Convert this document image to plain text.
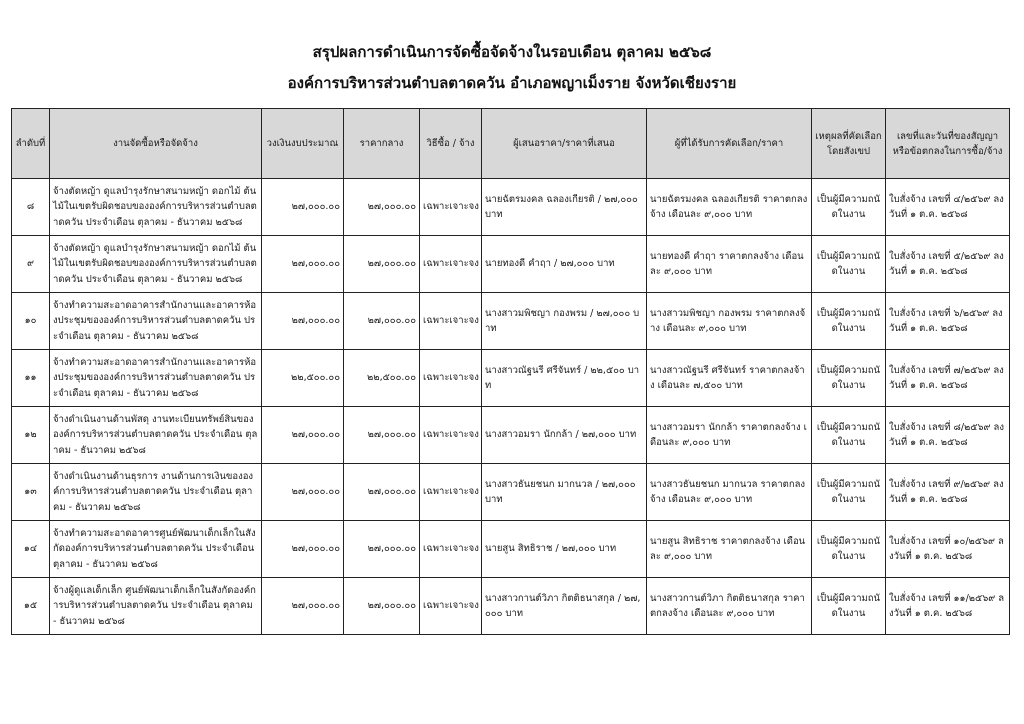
สรุปผลการดำเนินการจัดซื้อจัดจ้างในรอบเดือน ตุลาคม ๒๕๖๘
องค์การบริหารส่วนตำบลตาดควัน อำเภอพญาเม็งราย จังหวัดเชียงราย
ลำดับที่	งานจัดซื้อหรือจัดจ้าง	วงเงินงบประมาณ	ราคากลาง	วิธีซื้อ / จ้าง	ผู้เสนอราคา/ราคาที่เสนอ	ผู้ที่ได้รับการคัดเลือก/ราคา	เหตุผลที่คัดเลือกโดยสังเขป	เลขที่และวันที่ของสัญญาหรือข้อตกลงในการซื้อ/จ้าง
๘	จ้างตัดหญ้า ดูแลบำรุงรักษาสนามหญ้า ดอกไม้ ต้นไม้ในเขตรับผิดชอบขององค์การบริหารส่วนตำบลตาดควัน ประจำเดือน ตุลาคม - ธันวาคม ๒๕๖๘	๒๗,๐๐๐.๐๐	๒๗,๐๐๐.๐๐	เฉพาะเจาะจง	นายฉัตรมงคล ฉลองเกียรติ / ๒๗,๐๐๐ บาท	นายฉัตรมงคล ฉลองเกียรติ ราคาตกลงจ้าง เดือนละ ๙,๐๐๐ บาท	เป็นผู้มีความถนัดในงาน	ใบสั่งจ้าง เลขที่ ๔/๒๕๖๙ ลงวันที่ ๑ ต.ค. ๒๕๖๘
๙	จ้างตัดหญ้า ดูแลบำรุงรักษาสนามหญ้า ดอกไม้ ต้นไม้ในเขตรับผิดชอบขององค์การบริหารส่วนตำบลตาดควัน ประจำเดือน ตุลาคม - ธันวาคม ๒๕๖๘	๒๗,๐๐๐.๐๐	๒๗,๐๐๐.๐๐	เฉพาะเจาะจง	นายทองดี คำฤา / ๒๗,๐๐๐ บาท	นายทองดี คำฤา ราคาตกลงจ้าง เดือนละ ๙,๐๐๐ บาท	เป็นผู้มีความถนัดในงาน	ใบสั่งจ้าง เลขที่ ๕/๒๕๖๙ ลงวันที่ ๑ ต.ค. ๒๕๖๘
๑๐	จ้างทำความสะอาดอาคารสำนักงานและอาคารห้องประชุมขององค์การบริหารส่วนตำบลตาดควัน ประจำเดือน ตุลาคม - ธันวาคม ๒๕๖๘	๒๗,๐๐๐.๐๐	๒๗,๐๐๐.๐๐	เฉพาะเจาะจง	นางสาวมพิชญา กองพรม / ๒๗,๐๐๐ บาท	นางสาวมพิชญา กองพรม ราคาตกลงจ้าง เดือนละ ๙,๐๐๐ บาท	เป็นผู้มีความถนัดในงาน	ใบสั่งจ้าง เลขที่ ๖/๒๕๖๙ ลงวันที่ ๑ ต.ค. ๒๕๖๘
๑๑	จ้างทำความสะอาดอาคารสำนักงานและอาคารห้องประชุมขององค์การบริหารส่วนตำบลตาดควัน ประจำเดือน ตุลาคม - ธันวาคม ๒๕๖๘	๒๒,๕๐๐.๐๐	๒๒,๕๐๐.๐๐	เฉพาะเจาะจง	นางสาวณัฐนรี ศรีจันทร์ / ๒๒,๕๐๐ บาท	นางสาวณัฐนรี ศรีจันทร์ ราคาตกลงจ้าง เดือนละ ๗,๕๐๐ บาท	เป็นผู้มีความถนัดในงาน	ใบสั่งจ้าง เลขที่ ๗/๒๕๖๙ ลงวันที่ ๑ ต.ค. ๒๕๖๘
๑๒	จ้างดำเนินงานด้านพัสดุ งานทะเบียนทรัพย์สินขององค์การบริหารส่วนตำบลตาดควัน ประจำเดือน ตุลาคม - ธันวาคม ๒๕๖๘	๒๗,๐๐๐.๐๐	๒๗,๐๐๐.๐๐	เฉพาะเจาะจง	นางสาวอมรา นักกล้า / ๒๗,๐๐๐ บาท	นางสาวอมรา นักกล้า ราคาตกลงจ้าง เดือนละ ๙,๐๐๐ บาท	เป็นผู้มีความถนัดในงาน	ใบสั่งจ้าง เลขที่ ๘/๒๕๖๙ ลงวันที่ ๑ ต.ค. ๒๕๖๘
๑๓	จ้างดำเนินงานด้านธุรการ งานด้านการเงินขององค์การบริหารส่วนตำบลตาดควัน ประจำเดือน ตุลาคม - ธันวาคม ๒๕๖๘	๒๗,๐๐๐.๐๐	๒๗,๐๐๐.๐๐	เฉพาะเจาะจง	นางสาวธันยชนก มากนวล / ๒๗,๐๐๐ บาท	นางสาวธันยชนก มากนวล ราคาตกลงจ้าง เดือนละ ๙,๐๐๐ บาท	เป็นผู้มีความถนัดในงาน	ใบสั่งจ้าง เลขที่ ๙/๒๕๖๙ ลงวันที่ ๑ ต.ค. ๒๕๖๘
๑๔	จ้างทำความสะอาดอาคารศูนย์พัฒนาเด็กเล็กในสังกัดองค์การบริหารส่วนตำบลตาดควัน ประจำเดือน ตุลาคม - ธันวาคม ๒๕๖๘	๒๗,๐๐๐.๐๐	๒๗,๐๐๐.๐๐	เฉพาะเจาะจง	นายสูน สิทธิราช / ๒๗,๐๐๐ บาท	นายสูน สิทธิราช ราคาตกลงจ้าง เดือนละ ๙,๐๐๐ บาท	เป็นผู้มีความถนัดในงาน	ใบสั่งจ้าง เลขที่ ๑๐/๒๕๖๙ ลงวันที่ ๑ ต.ค. ๒๕๖๘
๑๕	จ้างผู้ดูแลเด็กเล็ก ศูนย์พัฒนาเด็กเล็กในสังกัดองค์การบริหารส่วนตำบลตาดควัน ประจำเดือน ตุลาคม - ธันวาคม ๒๕๖๘	๒๗,๐๐๐.๐๐	๒๗,๐๐๐.๐๐	เฉพาะเจาะจง	นางสาวกานต์วิภา กิตติธนาสกุล / ๒๗,๐๐๐ บาท	นางสาวกานต์วิภา กิตติธนาสกุล ราคาตกลงจ้าง เดือนละ ๙,๐๐๐ บาท	เป็นผู้มีความถนัดในงาน	ใบสั่งจ้าง เลขที่ ๑๑/๒๕๖๙ ลงวันที่ ๑ ต.ค. ๒๕๖๘
